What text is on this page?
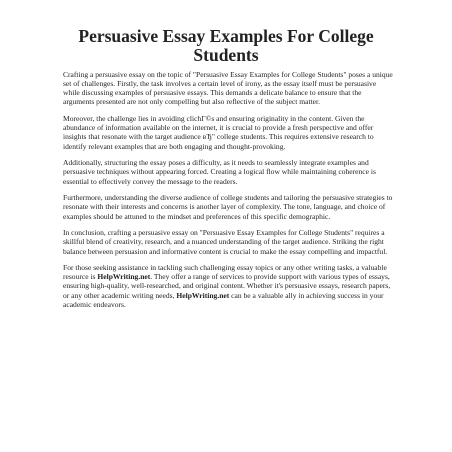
Persuasive Essay Examples For College Students

Crafting a persuasive essay on the topic of "Persuasive Essay Examples for College Students" poses a unique set of challenges. Firstly, the task involves a certain level of irony, as the essay itself must be persuasive while discussing examples of persuasive essays. This demands a delicate balance to ensure that the arguments presented are not only compelling but also reflective of the subject matter.

Moreover, the challenge lies in avoiding clichГ©s and ensuring originality in the content. Given the abundance of information available on the internet, it is crucial to provide a fresh perspective and offer insights that resonate with the target audience вЂ" college students. This requires extensive research to identify relevant examples that are both engaging and thought-provoking.

Additionally, structuring the essay poses a difficulty, as it needs to seamlessly integrate examples and persuasive techniques without appearing forced. Creating a logical flow while maintaining coherence is essential to effectively convey the message to the readers.

Furthermore, understanding the diverse audience of college students and tailoring the persuasive strategies to resonate with their interests and concerns is another layer of complexity. The tone, language, and choice of examples should be attuned to the mindset and preferences of this specific demographic.

In conclusion, crafting a persuasive essay on "Persuasive Essay Examples for College Students" requires a skillful blend of creativity, research, and a nuanced understanding of the target audience. Striking the right balance between persuasion and informative content is crucial to make the essay compelling and impactful.

For those seeking assistance in tackling such challenging essay topics or any other writing tasks, a valuable resource is HelpWriting.net. They offer a range of services to provide support with various types of essays, ensuring high-quality, well-researched, and original content. Whether it's persuasive essays, research papers, or any other academic writing needs, HelpWriting.net can be a valuable ally in achieving success in your academic endeavors.
